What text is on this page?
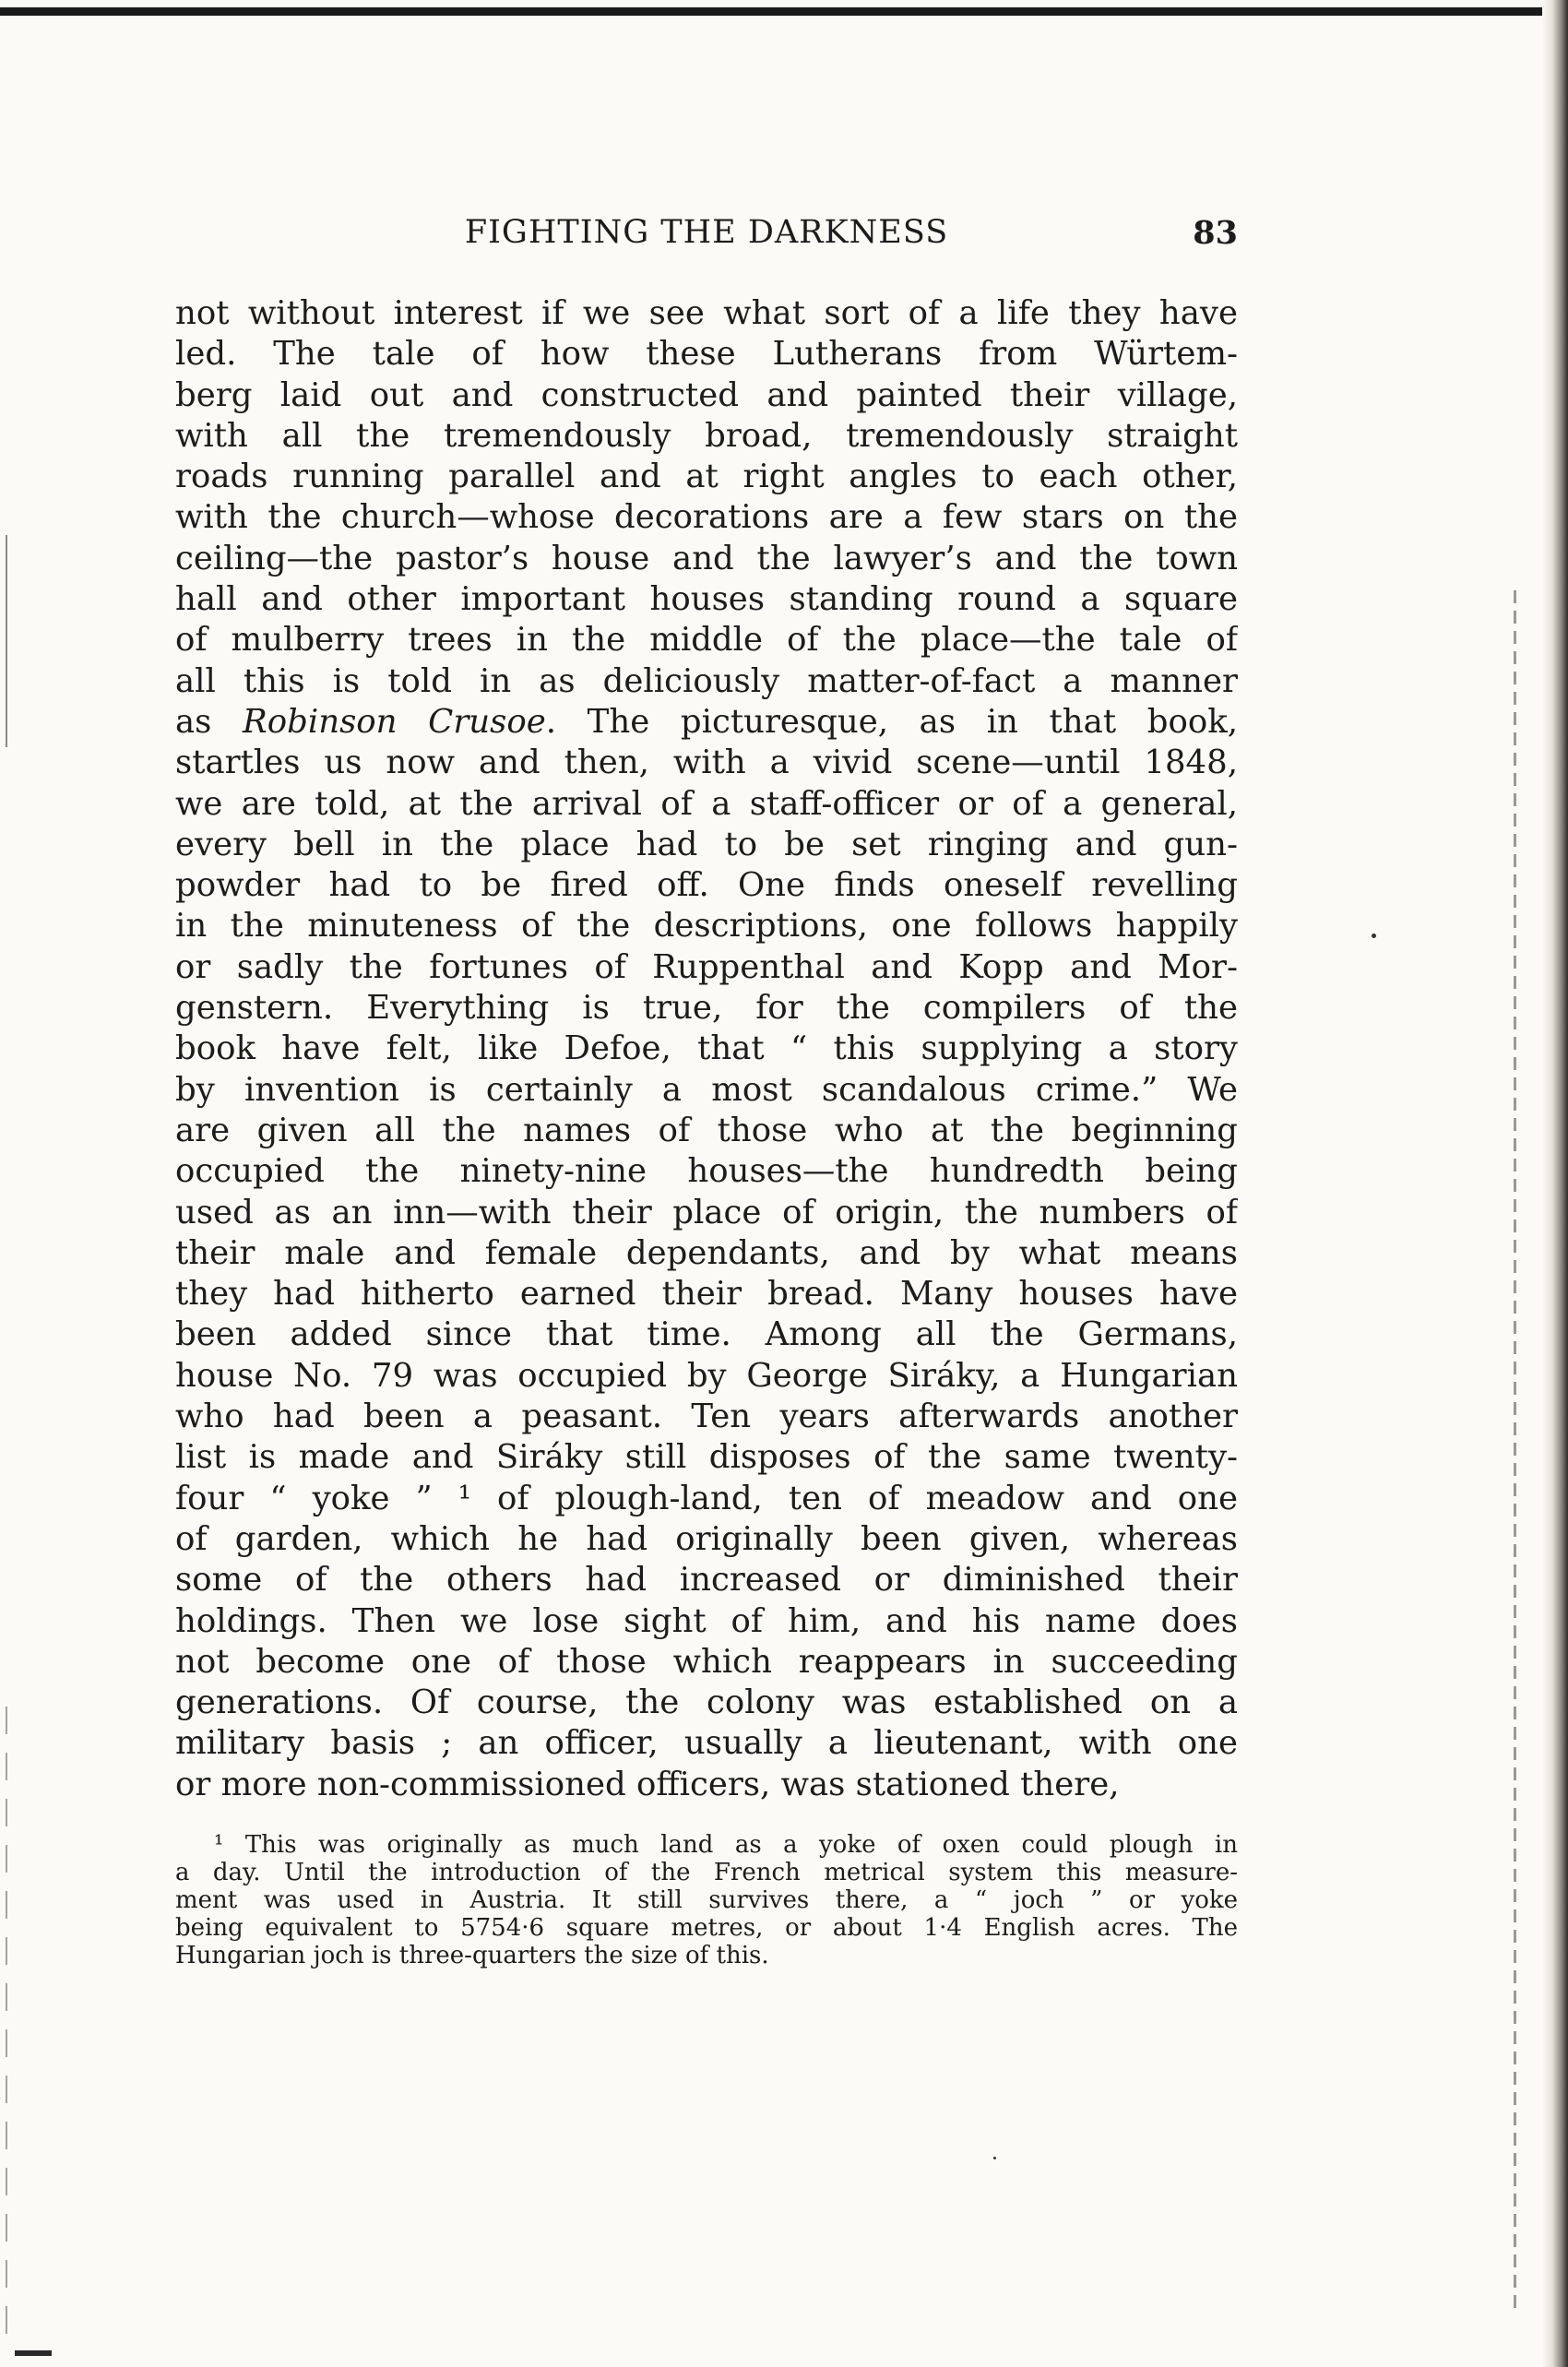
FIGHTING THE DARKNESS	83
not without interest if we see what sort of a life they have
led. The tale of how these Lutherans from Würtem-
berg laid out and constructed and painted their village,
with all the tremendously broad, tremendously straight
roads running parallel and at right angles to each other,
with the church—whose decorations are a few stars on the
ceiling—the pastor’s house and the lawyer’s and the town
hall and other important houses standing round a square
of mulberry trees in the middle of the place—the tale of
all this is told in as deliciously matter-of-fact a manner
as Robinson Crusoe. The picturesque, as in that book,
startles us now and then, with a vivid scene—until 1848,
we are told, at the arrival of a staff-officer or of a general,
every bell in the place had to be set ringing and gun-
powder had to be fired off. One finds oneself revelling
in the minuteness of the descriptions, one follows happily
or sadly the fortunes of Ruppenthal and Kopp and Mor-
genstern. Everything is true, for the compilers of the
book have felt, like Defoe, that “ this supplying a story
by invention is certainly a most scandalous crime.” We
are given all the names of those who at the beginning
occupied the ninety-nine houses—the hundredth being
used as an inn—with their place of origin, the numbers of
their male and female dependants, and by what means
they had hitherto earned their bread. Many houses have
been added since that time. Among all the Germans,
house No. 79 was occupied by George Siráky, a Hungarian
who had been a peasant. Ten years afterwards another
list is made and Siráky still disposes of the same twenty-
four “ yoke ” ¹ of plough-land, ten of meadow and one
of garden, which he had originally been given, whereas
some of the others had increased or diminished their
holdings. Then we lose sight of him, and his name does
not become one of those which reappears in succeeding
generations. Of course, the colony was established on a
military basis ; an officer, usually a lieutenant, with one
or more non-commissioned officers, was stationed there,
¹ This was originally as much land as a yoke of oxen could plough in
a day. Until the introduction of the French metrical system this measure-
ment was used in Austria. It still survives there, a “ joch ” or yoke
being equivalent to 5754·6 square metres, or about 1·4 English acres. The
Hungarian joch is three-quarters the size of this.
